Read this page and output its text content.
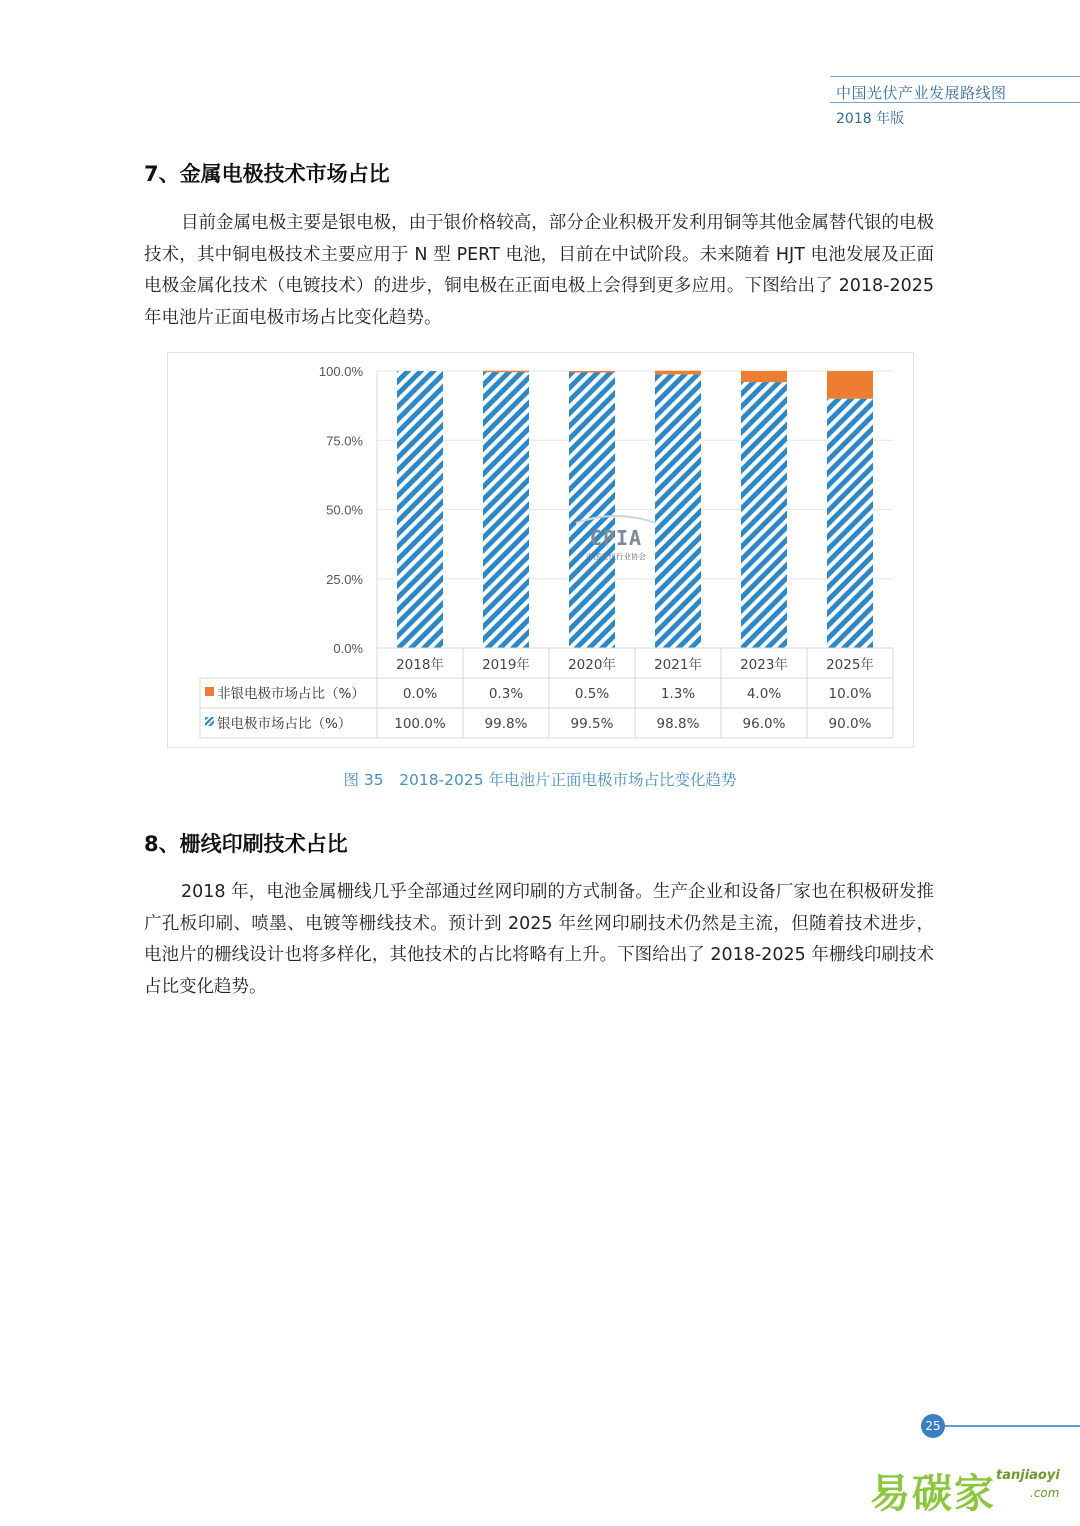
中国光伏产业发展路线图
2018 年版
7、金属电极技术市场占比
目前金属电极主要是银电极，由于银价格较高，部分企业积极开发利用铜等其他金属替代银的电极技术，其中铜电极技术主要应用于 N 型 PERT 电池，目前在中试阶段。未来随着 HJT 电池发展及正面电极金属化技术（电镀技术）的进步，铜电极在正面电极上会得到更多应用。下图给出了 2018-2025 年电池片正面电极市场占比变化趋势。
0.0%
25.0%
50.0%
75.0%
100.0%
2018年	2019年	2020年	2021年	2023年	2025年
非银电极市场占比（%）	0.0%	0.3%	0.5%	1.3%	4.0%	10.0%
银电极市场占比（%）	100.0%	99.8%	99.5%	98.8%	96.0%	90.0%
CPIA
中国光伏行业协会
图 35　2018-2025 年电池片正面电极市场占比变化趋势
8、栅线印刷技术占比
2018 年，电池金属栅线几乎全部通过丝网印刷的方式制备。生产企业和设备厂家也在积极研发推广孔板印刷、喷墨、电镀等栅线技术。预计到 2025 年丝网印刷技术仍然是主流，但随着技术进步，电池片的栅线设计也将多样化，其他技术的占比将略有上升。下图给出了 2018-2025 年栅线印刷技术占比变化趋势。
25
易碳家 tanjiaoyi
.com
